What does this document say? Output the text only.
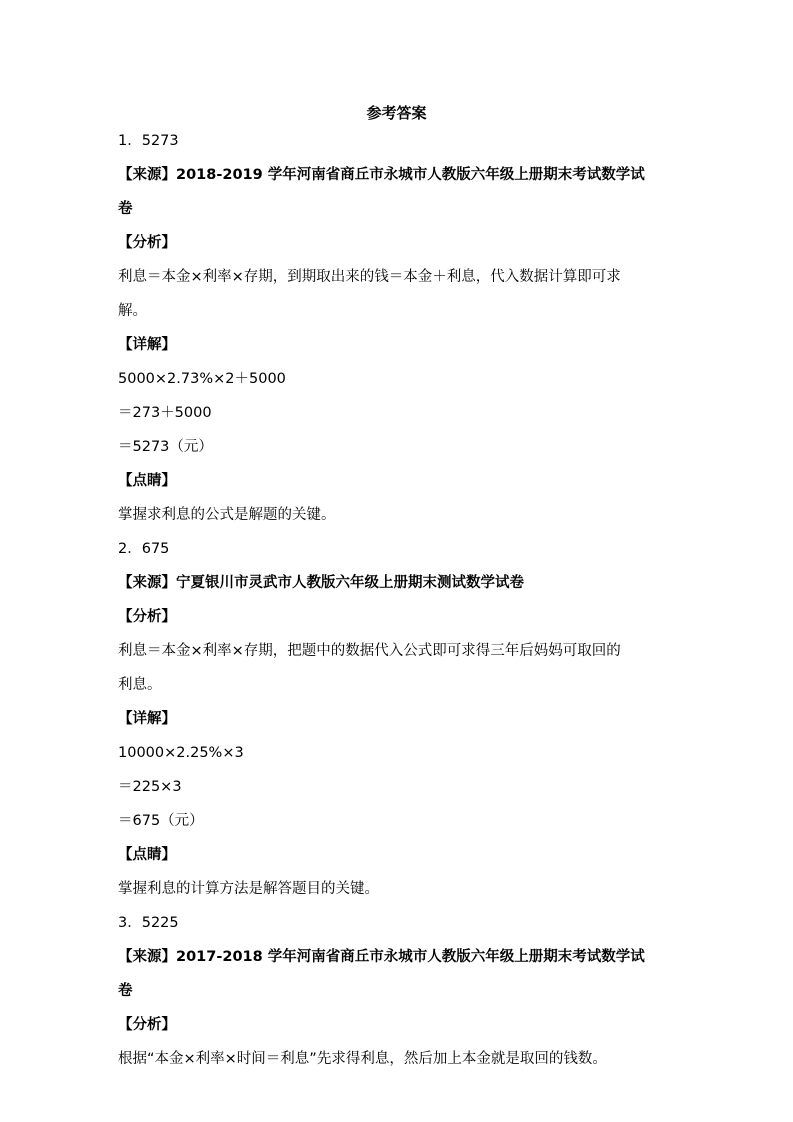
参考答案

1．5273

【来源】2018-2019 学年河南省商丘市永城市人教版六年级上册期末考试数学试

卷

【分析】

利息＝本金×利率×存期，到期取出来的钱＝本金＋利息，代入数据计算即可求

解。

【详解】

5000×2.73%×2＋5000

＝273＋5000

＝5273（元）

【点睛】

掌握求利息的公式是解题的关键。

2．675

【来源】宁夏银川市灵武市人教版六年级上册期末测试数学试卷

【分析】

利息＝本金×利率×存期，把题中的数据代入公式即可求得三年后妈妈可取回的

利息。

【详解】

10000×2.25%×3

＝225×3

＝675（元）

【点睛】

掌握利息的计算方法是解答题目的关键。

3．5225

【来源】2017-2018 学年河南省商丘市永城市人教版六年级上册期末考试数学试

卷

【分析】

根据“本金×利率×时间＝利息”先求得利息，然后加上本金就是取回的钱数。
